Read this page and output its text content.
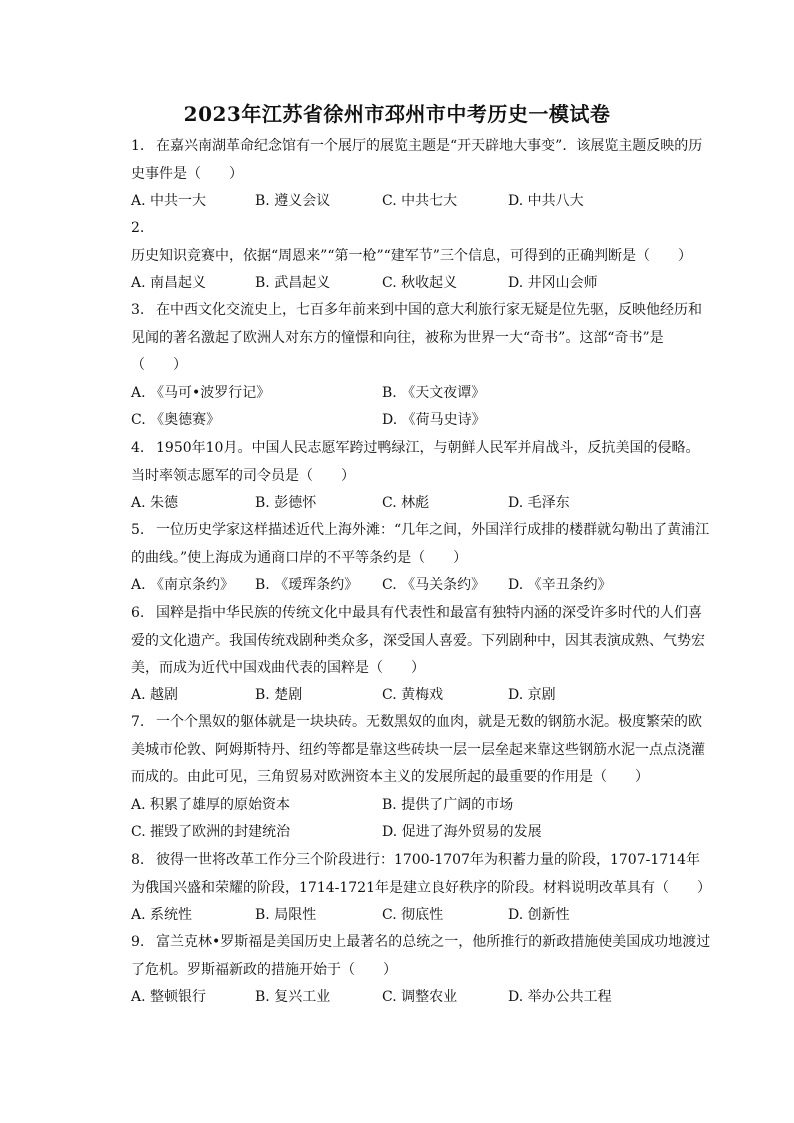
2023年江苏省徐州市邳州市中考历史一模试卷
1. 在嘉兴南湖革命纪念馆有一个展厅的展览主题是“开天辟地大事变”．该展览主题反映的历史事件是（　　）
A. 中共一大	B. 遵义会议	C. 中共七大	D. 中共八大
2.历史知识竞赛中，依据“周恩来”“第一枪”“建军节”三个信息，可得到的正确判断是（　　）
A. 南昌起义	B. 武昌起义	C. 秋收起义	D. 井冈山会师
3. 在中西文化交流史上，七百多年前来到中国的意大利旅行家无疑是位先驱，反映他经历和见闻的著名激起了欧洲人对东方的憧憬和向往，被称为世界一大“奇书”。这部“奇书”是（　　）
A. 《马可•波罗行记》	B. 《天文夜谭》
C. 《奥德赛》	D. 《荷马史诗》
4. 1950年10月。中国人民志愿军跨过鸭绿江，与朝鲜人民军并肩战斗，反抗美国的侵略。当时率领志愿军的司令员是（　　）
A. 朱德	B. 彭德怀	C. 林彪	D. 毛泽东
5. 一位历史学家这样描述近代上海外滩：“几年之间，外国洋行成排的楼群就勾勒出了黄浦江的曲线。”使上海成为通商口岸的不平等条约是（　　）
A. 《南京条约》 B. 《瑷珲条约》 C. 《马关条约》 D. 《辛丑条约》
6. 国粹是指中华民族的传统文化中最具有代表性和最富有独特内涵的深受许多时代的人们喜爱的文化遗产。我国传统戏剧种类众多，深受国人喜爱。下列剧种中，因其表演成熟、气势宏美，而成为近代中国戏曲代表的国粹是（　　）
A. 越剧	B. 楚剧	C. 黄梅戏	D. 京剧
7. 一个个黑奴的躯体就是一块块砖。无数黑奴的血肉，就是无数的钢筋水泥。极度繁荣的欧美城市伦敦、阿姆斯特丹、纽约等都是靠这些砖块一层一层垒起来靠这些钢筋水泥一点点浇灌而成的。由此可见，三角贸易对欧洲资本主义的发展所起的最重要的作用是（　　）
A. 积累了雄厚的原始资本	B. 提供了广阔的市场
C. 摧毁了欧洲的封建统治	D. 促进了海外贸易的发展
8. 彼得一世将改革工作分三个阶段进行：1700-1707年为积蓄力量的阶段，1707-1714年为俄国兴盛和荣耀的阶段，1714-1721年是建立良好秩序的阶段。材料说明改革具有（　　）
A. 系统性	B. 局限性	C. 彻底性	D. 创新性
9. 富兰克林•罗斯福是美国历史上最著名的总统之一，他所推行的新政措施使美国成功地渡过了危机。罗斯福新政的措施开始于（　　）
A. 整顿银行	B. 复兴工业	C. 调整农业	D. 举办公共工程
